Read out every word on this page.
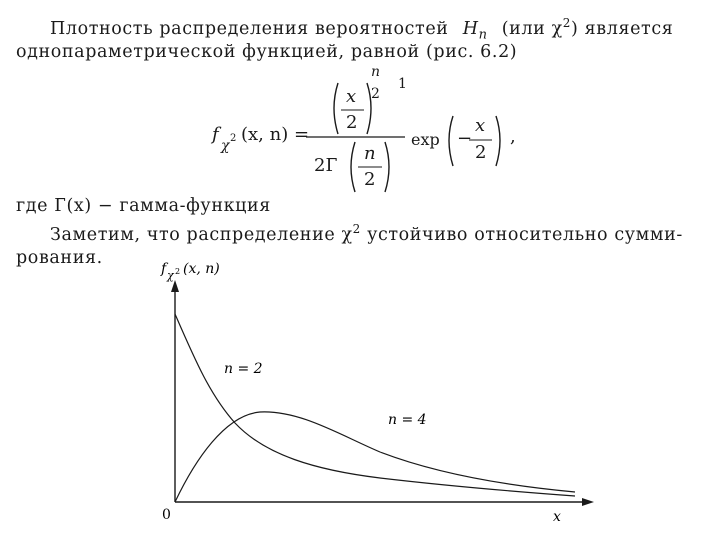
Плотность распределения вероятностей $H_n$ (или $\chi^2$) является
однопараметрической функцией, равной (рис. 6.2)
f
χ 2 (x, n) =
n
1
2
x
2
2Г
n
2
exp −
x
2
,
где Г(x) − гамма-функция
Заметим, что распределение $\chi^2$ устойчиво относительно сумми-
рования.
f χ 2 (x, n)
0	x
n = 2
n = 4
